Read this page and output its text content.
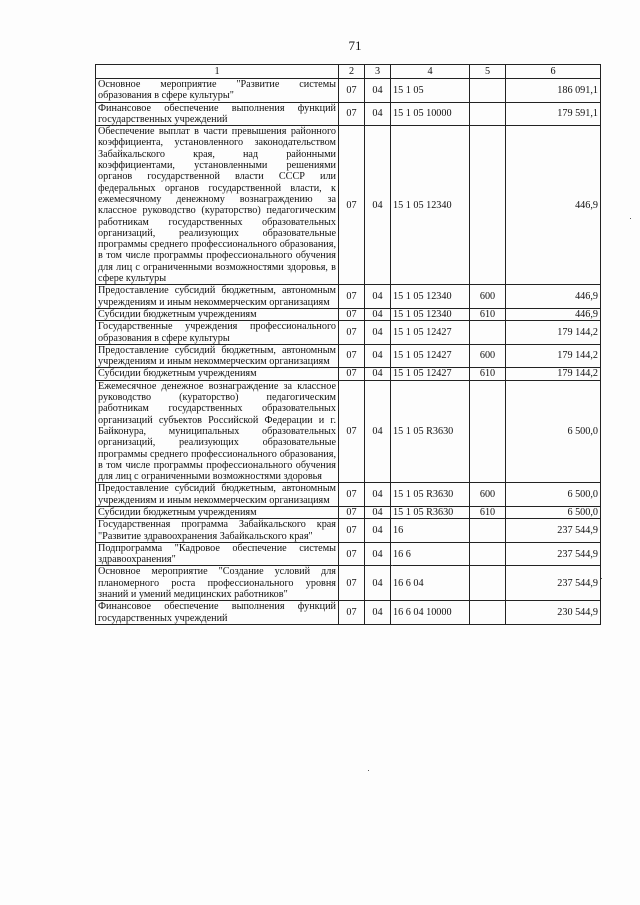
71
1	2	3	4	5	6
Основное мероприятие "Развитие системы образования в сфере культуры"	07	04	15 1 05		186 091,1
Финансовое обеспечение выполнения функций государственных учреждений	07	04	15 1 05 10000		179 591,1
Обеспечение выплат в части превышения районного коэффициента, установленного законодательством Забайкальского края, над районными коэффициентами, установленными решениями органов государственной власти СССР или федеральных органов государственной власти, к ежемесячному денежному вознаграждению за классное руководство (кураторство) педагогическим работникам государственных образовательных организаций, реализующих образовательные программы среднего профессионального образования, в том числе программы профессионального обучения для лиц с ограниченными возможностями здоровья, в сфере культуры	07	04	15 1 05 12340		446,9
Предоставление субсидий бюджетным, автономным учреждениям и иным некоммерческим организациям	07	04	15 1 05 12340	600	446,9
Субсидии бюджетным учреждениям	07	04	15 1 05 12340	610	446,9
Государственные учреждения профессионального образования в сфере культуры	07	04	15 1 05 12427		179 144,2
Предоставление субсидий бюджетным, автономным учреждениям и иным некоммерческим организациям	07	04	15 1 05 12427	600	179 144,2
Субсидии бюджетным учреждениям	07	04	15 1 05 12427	610	179 144,2
Ежемесячное денежное вознаграждение за классное руководство (кураторство) педагогическим работникам государственных образовательных организаций субъектов Российской Федерации и г. Байконура, муниципальных образовательных организаций, реализующих образовательные программы среднего профессионального образования, в том числе программы профессионального обучения для лиц с ограниченными возможностями здоровья	07	04	15 1 05 R3630		6 500,0
Предоставление субсидий бюджетным, автономным учреждениям и иным некоммерческим организациям	07	04	15 1 05 R3630	600	6 500,0
Субсидии бюджетным учреждениям	07	04	15 1 05 R3630	610	6 500,0
Государственная программа Забайкальского края "Развитие здравоохранения Забайкальского края"	07	04	16		237 544,9
Подпрограмма "Кадровое обеспечение системы здравоохранения"	07	04	16 6		237 544,9
Основное мероприятие "Создание условий для планомерного роста профессионального уровня знаний и умений медицинских работников"	07	04	16 6 04		237 544,9
Финансовое обеспечение выполнения функций государственных учреждений	07	04	16 6 04 10000		230 544,9
